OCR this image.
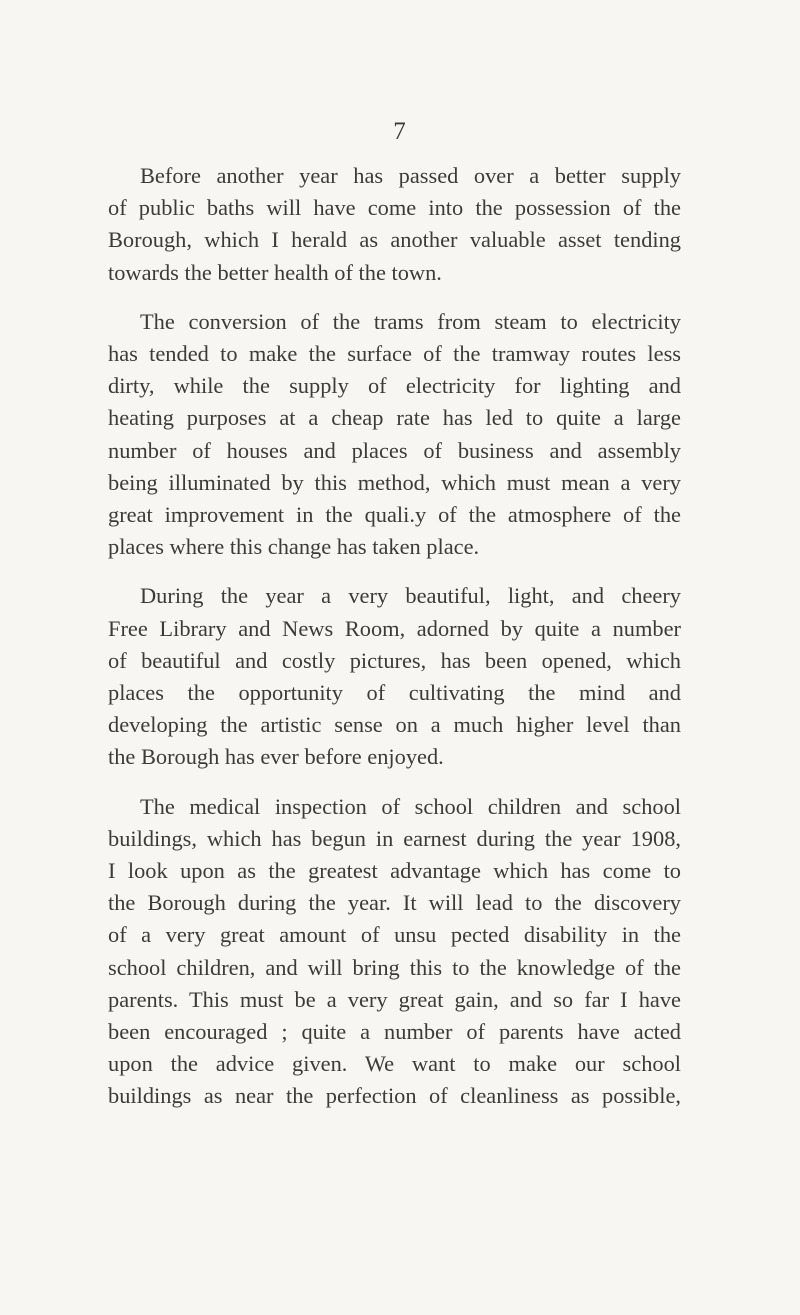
7

Before another year has passed over a better supply
of public baths will have come into the possession of the
Borough, which I herald as another valuable asset tending
towards the better health of the town.

The conversion of the trams from steam to electricity
has tended to make the surface of the tramway routes less
dirty, while the supply of electricity for lighting and
heating purposes at a cheap rate has led to quite a large
number of houses and places of business and assembly
being illuminated by this method, which must mean a very
great improvement in the quali.y of the atmosphere of the
places where this change has taken place.

During the year a very beautiful, light, and cheery
Free Library and News Room, adorned by quite a number
of beautiful and costly pictures, has been opened, which
places the opportunity of cultivating the mind and
developing the artistic sense on a much higher level than
the Borough has ever before enjoyed.

The medical inspection of school children and school
buildings, which has begun in earnest during the year 1908,
I look upon as the greatest advantage which has come to
the Borough during the year. It will lead to the discovery
of a very great amount of unsu pected disability in the
school children, and will bring this to the knowledge of the
parents. This must be a very great gain, and so far I have
been encouraged ; quite a number of parents have acted
upon the advice given. We want to make our school
buildings as near the perfection of cleanliness as possible,
